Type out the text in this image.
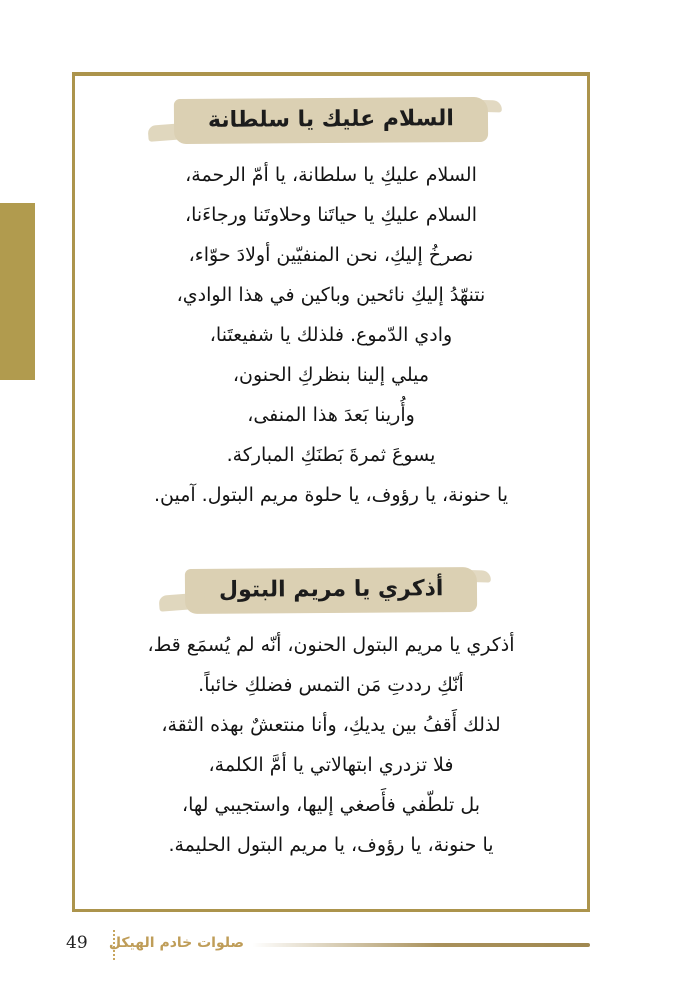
السلام عليك يا سلطانة
السلام عليكِ يا سلطانة، يا أمّ الرحمة،
السلام عليكِ يا حياتَنا وحلاوتَنا ورجاءَنا،
نصرخُ إليكِ، نحن المنفيّين أولادَ حوّاء،
نتنهّدُ إليكِ نائحين وباكين في هذا الوادي،
وادي الدّموع. فلذلك يا شفيعتَنا،
ميلي إلينا بنظركِ الحنون،
وأُرينا بَعدَ هذا المنفى،
يسوعَ ثمرةَ بَطنَكِ المباركة.
يا حنونة، يا رؤوف، يا حلوة مريم البتول. آمين.
أذكري يا مريم البتول
أذكري يا مريم البتول الحنون، أنّه لم يُسمَع قط،
أنّكِ رددتِ مَن التمس فضلكِ خائباً.
لذلك أَقفُ بين يديكِ، وأنا منتعشٌ بهذه الثقة،
فلا تزدري ابتهالاتي يا أمَّ الكلمة،
بل تلطّفي فأَصغي إليها، واستجيبي لها،
يا حنونة، يا رؤوف، يا مريم البتول الحليمة.
49 صلوات خادم الهيكل
